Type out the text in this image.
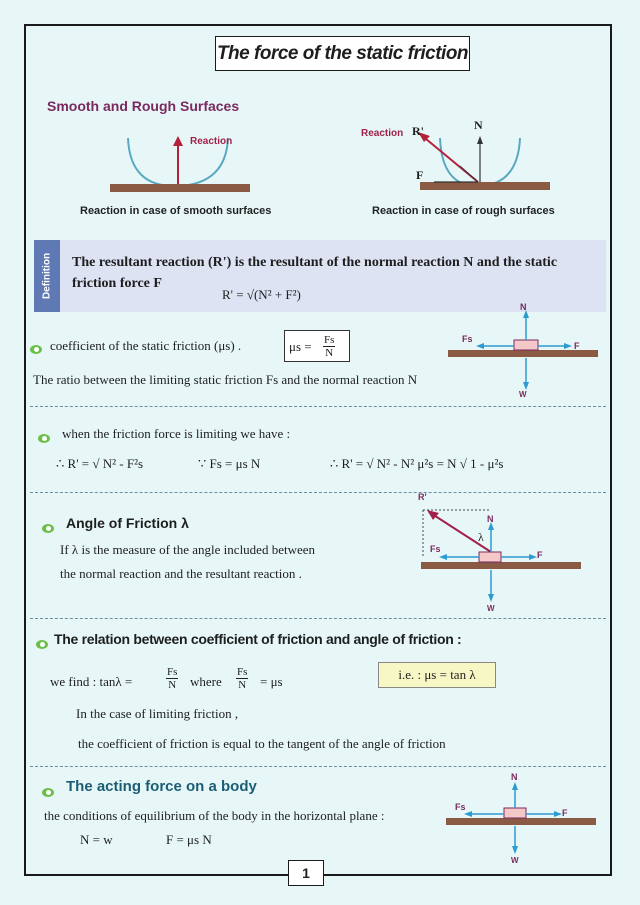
The force of the static friction
Smooth and Rough Surfaces
Reaction
Reaction in case of smooth surfaces
Reaction R'	N
F
Reaction in case of rough surfaces
Definition The resultant reaction (R') is the resultant of the normal reaction N and the static
friction force F
R' = √(N² + F²)
coefficient of the static friction (μs) .	$\mu s = \frac{Fs}{N}$
The ratio between the limiting static friction Fs and the normal reaction N
N
Fs
F
W
when the friction force is limiting we have :
∴ R' = √ N² - F²s	∵ Fs = μs N	∴ R' = √ N² - N² μ²s = N √ 1 - μ²s
Angle of Friction λ
If λ is the measure of the angle included between
the normal reaction and the resultant reaction .
R'
N
λ
Fs
F
W
The relation between coefficient of friction and angle of friction :
we find : tanλ =	$\frac{Fs}{N}$ where $\frac{Fs}{N} = \mu s$	i.e. : μs = tan λ
In the case of limiting friction ,
the coefficient of friction is equal to the tangent of the angle of friction
The acting force on a body
the conditions of equilibrium of the body in the horizontal plane :
N = w	F = μs N
N
Fs
F
W
1
